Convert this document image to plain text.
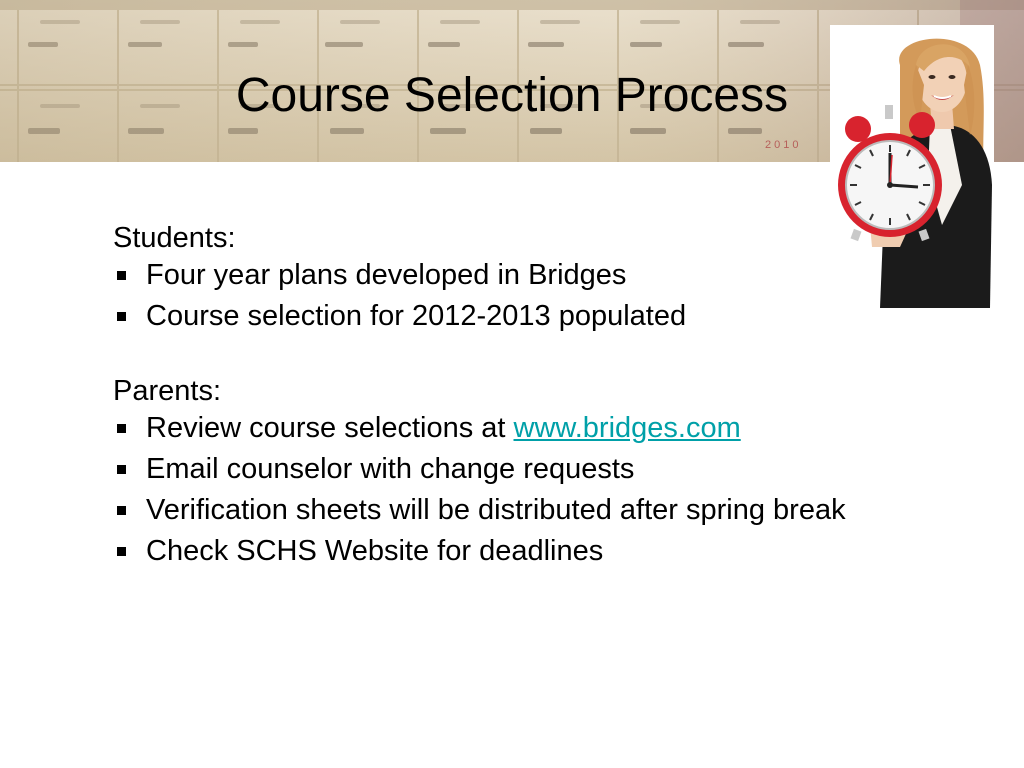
2010
Course Selection Process

Students:

Four year plans developed in Bridges
Course selection for 2012-2013 populated

Parents:

Review course selections at www.bridges.com
Email counselor with change requests
Verification sheets will be distributed after spring break
Check SCHS Website for deadlines
